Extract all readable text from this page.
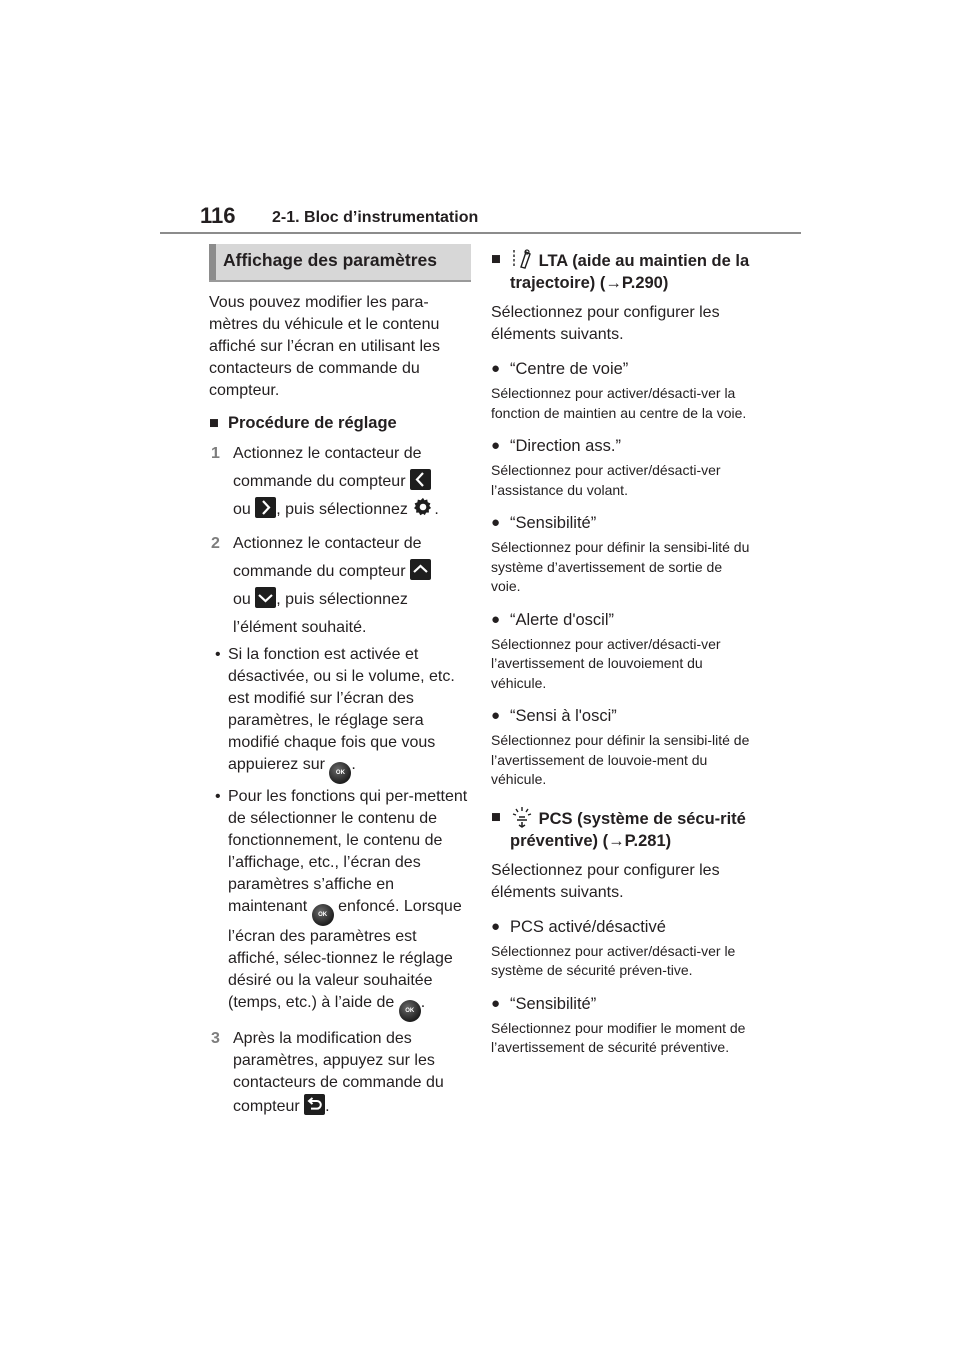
116 2-1. Bloc d’instrumentation
Affichage des paramètres

Vous pouvez modifier les para-mètres du véhicule et le contenu affiché sur l’écran en utilisant les contacteurs de commande du compteur.

■ Procédure de réglage
1 Actionnez le contacteur de commande du compteur

ou , puis sélectionnez .
2 Actionnez le contacteur de commande du compteur

ou , puis sélectionnez l’élément souhaité.
• Si la fonction est activée et désactivée, ou si le volume, etc. est modifié sur l’écran des paramètres, le réglage sera modifié chaque fois que vous appuierez sur OK .
• Pour les fonctions qui per-mettent de sélectionner le contenu de fonctionnement, le contenu de l’affichage, etc., l’écran des paramètres s’affiche en maintenant OK enfoncé. Lorsque l’écran des paramètres est affiché, sélec-tionnez le réglage désiré ou la valeur souhaitée (temps, etc.) à l’aide de OK .
3 Après la modification des paramètres, appuyez sur les contacteurs de commande du compteur .
■ LTA (aide au maintien de la trajectoire) (→P.290)

Sélectionnez pour configurer les éléments suivants.

● “Centre de voie”

Sélectionnez pour activer/désacti-ver la fonction de maintien au centre de la voie.

● “Direction ass.”

Sélectionnez pour activer/désacti-ver l’assistance du volant.

● “Sensibilité”

Sélectionnez pour définir la sensibi-lité du système d’avertissement de sortie de voie.

● “Alerte d'oscil”

Sélectionnez pour activer/désacti-ver l’avertissement de louvoiement du véhicule.

● “Sensi à l'osci”

Sélectionnez pour définir la sensibi-lité de l’avertissement de louvoie-ment du véhicule.

■ PCS (système de sécu-rité préventive) (→P.281)

Sélectionnez pour configurer les éléments suivants.

● PCS activé/désactivé

Sélectionnez pour activer/désacti-ver le système de sécurité préven-tive.

● “Sensibilité”

Sélectionnez pour modifier le moment de l’avertissement de sécurité préventive.
